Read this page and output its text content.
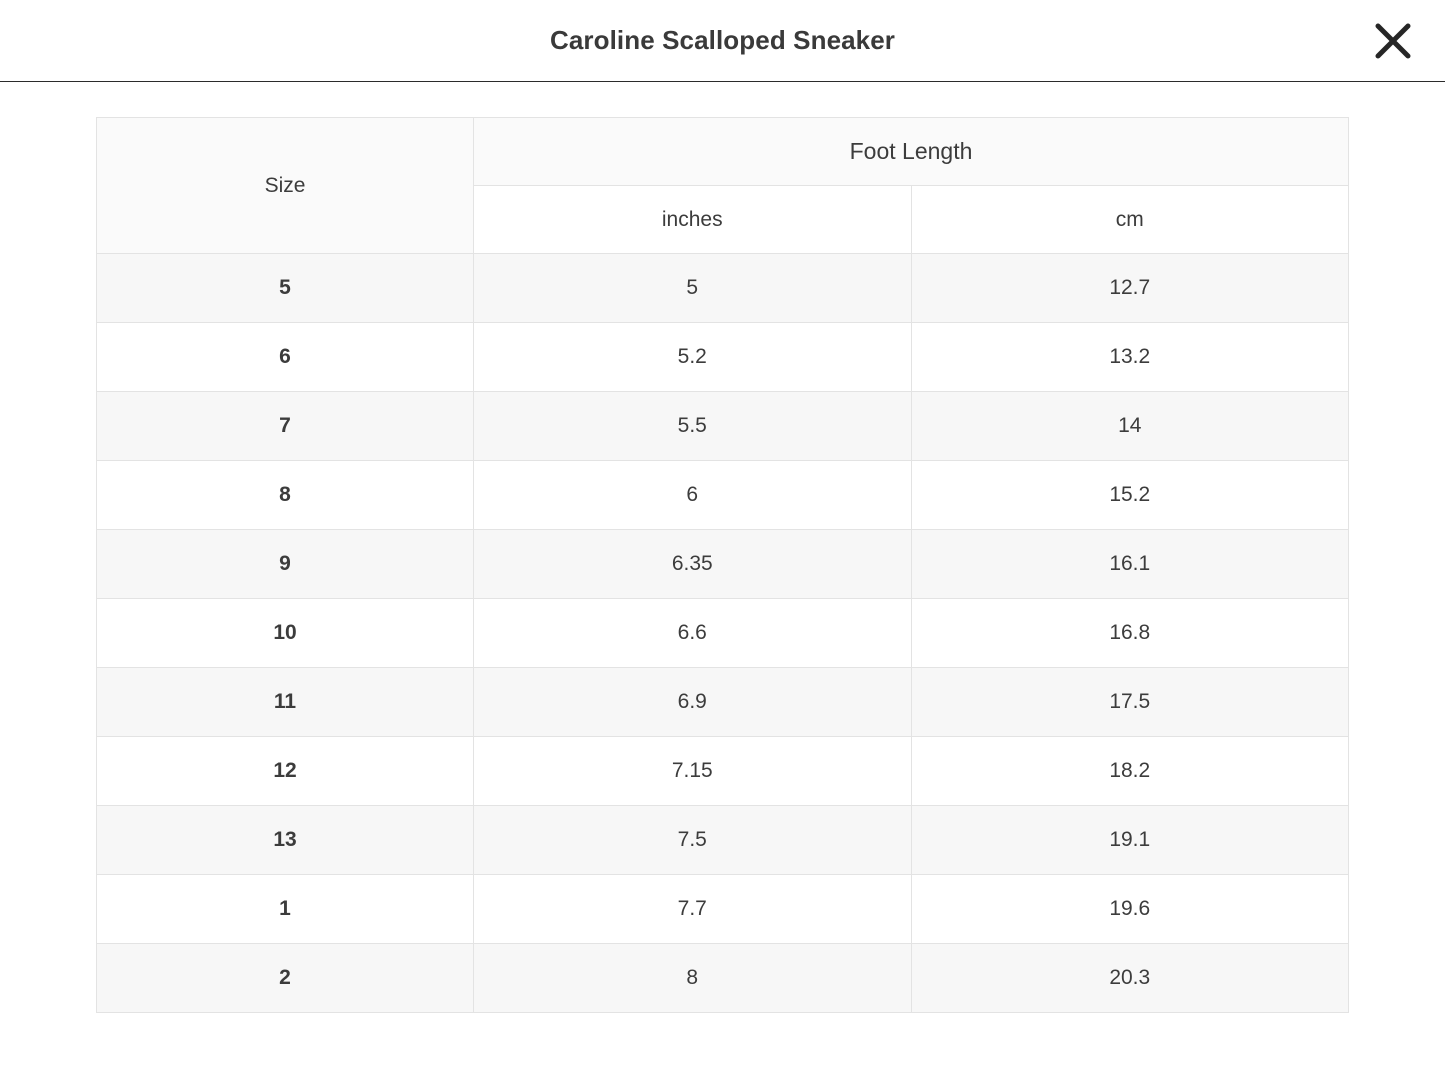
Caroline Scalloped Sneaker
Size	Foot Length	
	inches	cm
5	5	12.7
6	5.2	13.2
7	5.5	14
8	6	15.2
9	6.35	16.1
10	6.6	16.8
11	6.9	17.5
12	7.15	18.2
13	7.5	19.1
1	7.7	19.6
2	8	20.3
